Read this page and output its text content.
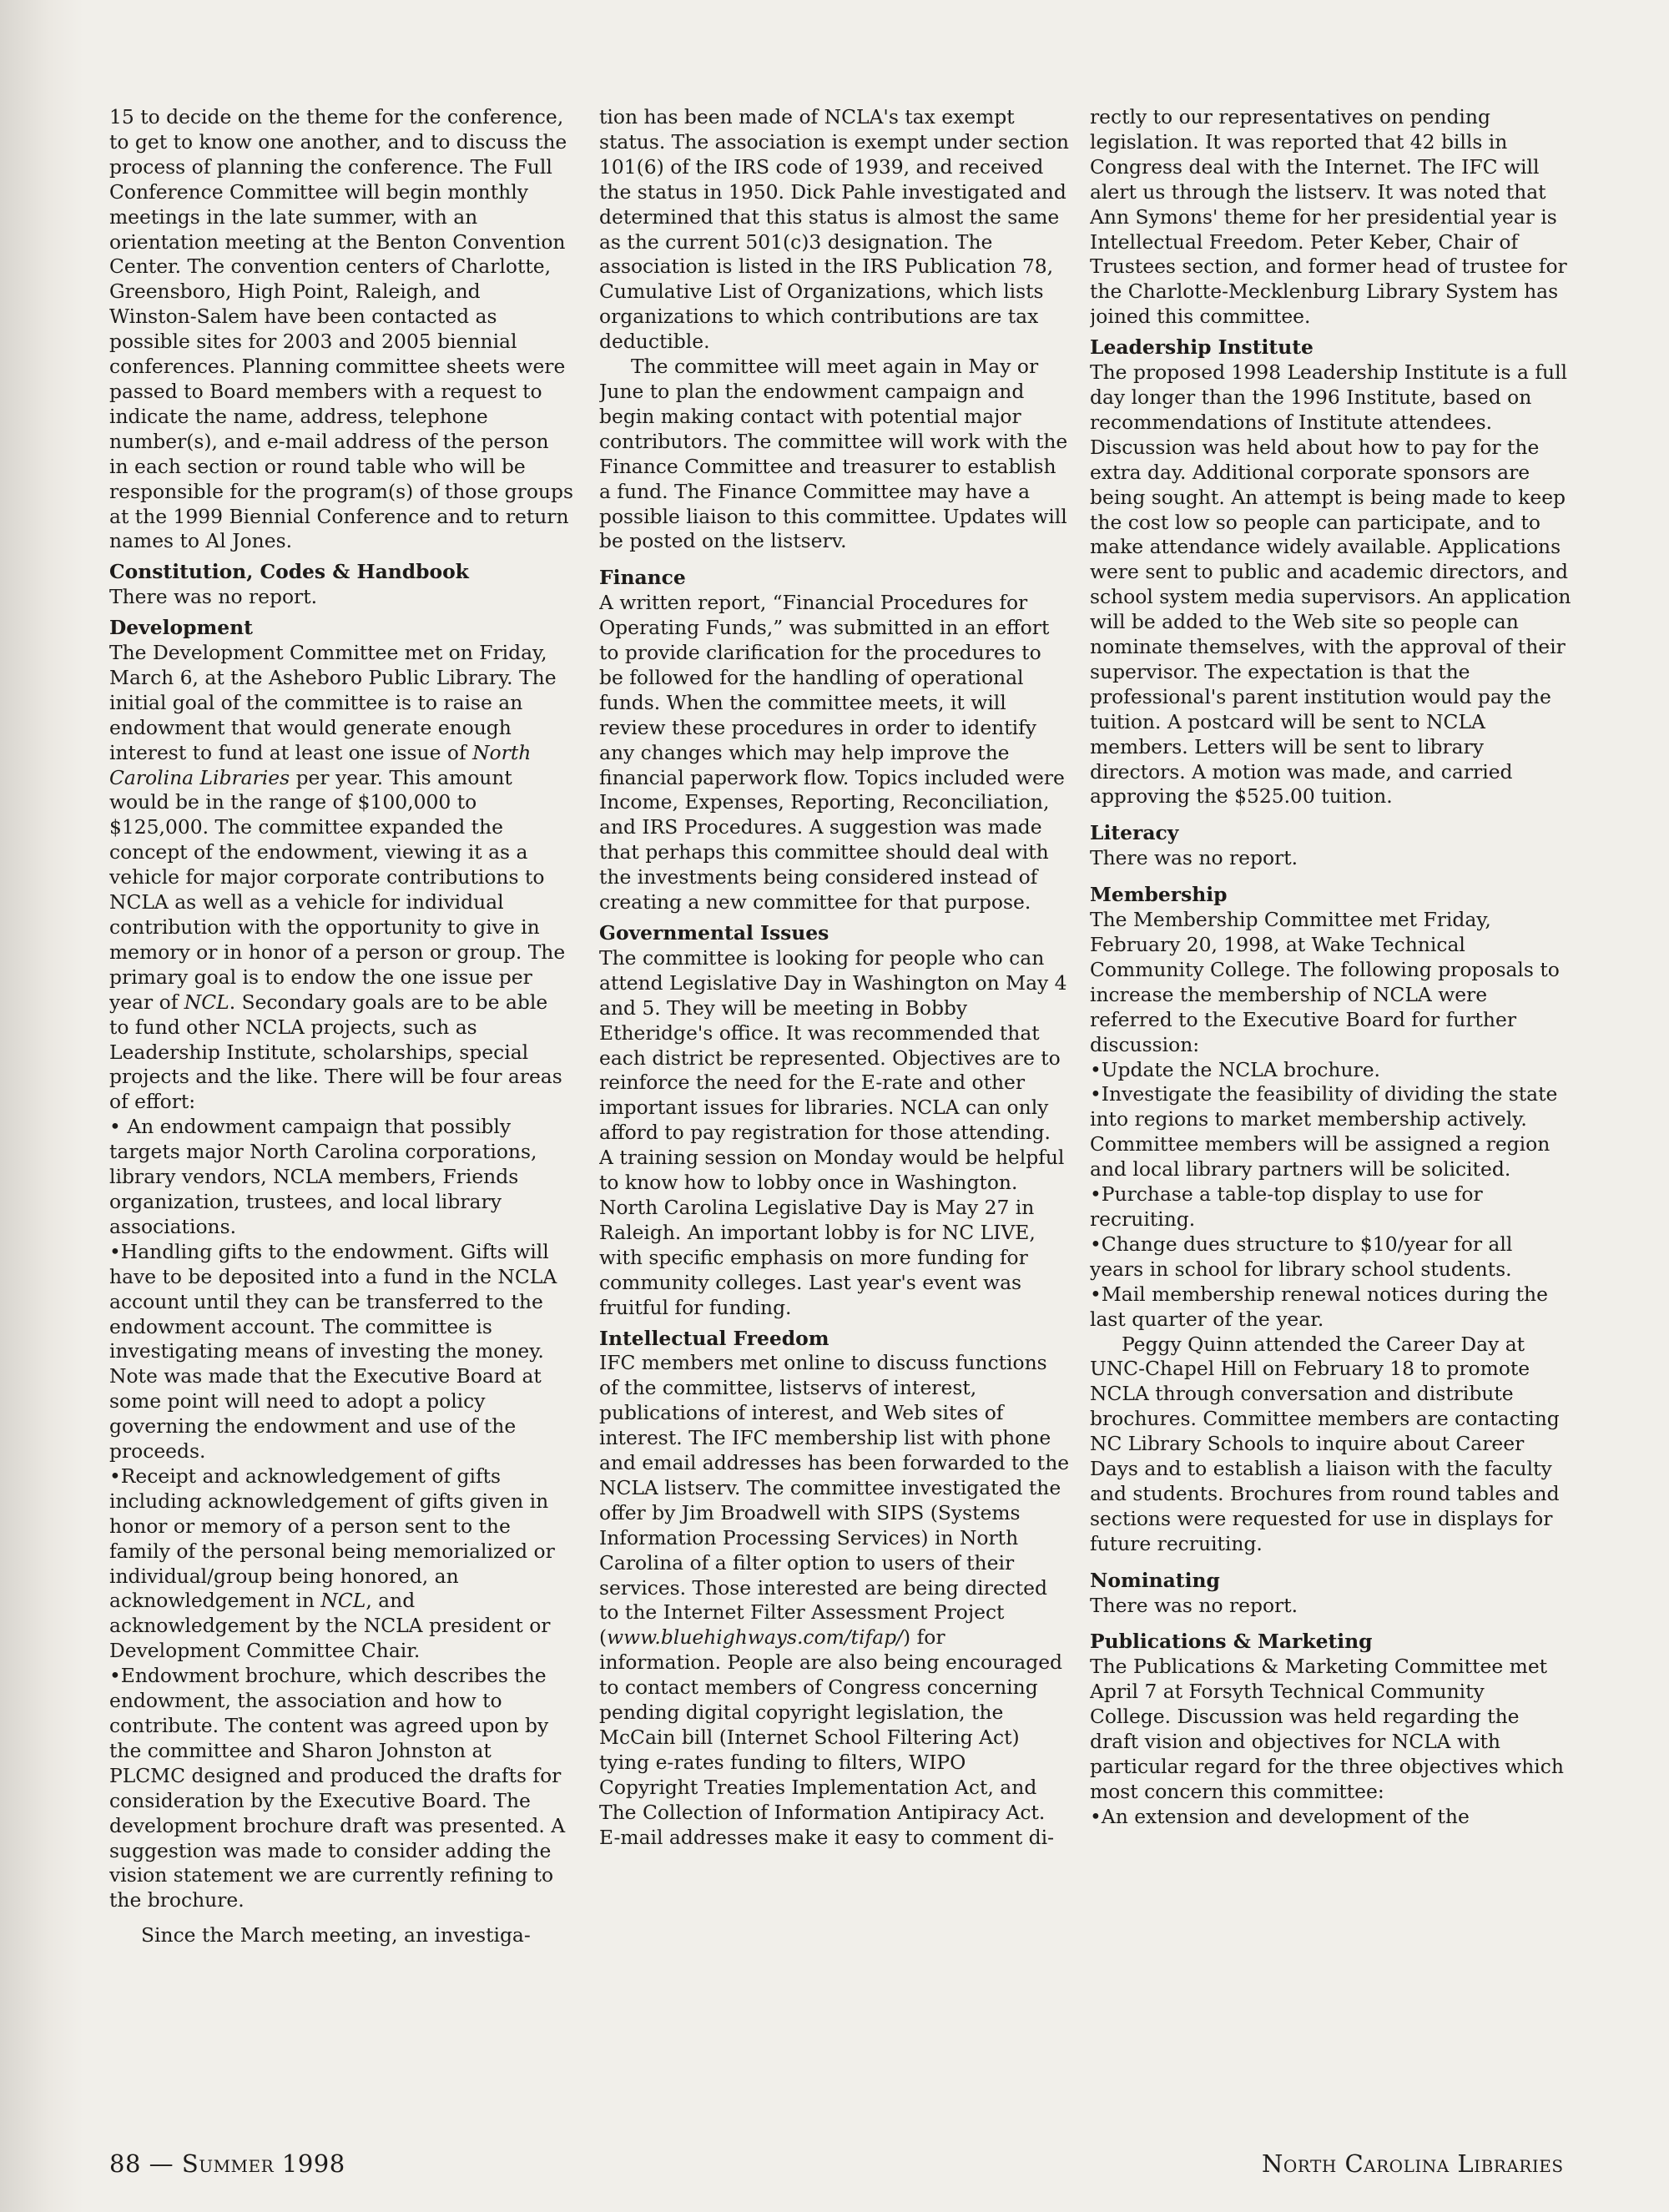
15 to decide on the theme for the conference, to get to know one another, and to discuss the process of planning the conference. The Full Conference Committee will begin monthly meetings in the late summer, with an orientation meeting at the Benton Convention Center. The convention centers of Charlotte, Greensboro, High Point, Raleigh, and Winston-Salem have been contacted as possible sites for 2003 and 2005 biennial conferences. Planning committee sheets were passed to Board members with a request to indicate the name, address, telephone number(s), and e-mail address of the person in each section or round table who will be responsible for the program(s) of those groups at the 1999 Biennial Conference and to return names to Al Jones.

Constitution, Codes & Handbook

There was no report.

Development

The Development Committee met on Friday, March 6, at the Asheboro Public Library. The initial goal of the committee is to raise an endowment that would generate enough interest to fund at least one issue of North Carolina Libraries per year. This amount would be in the range of $100,000 to $125,000. The committee expanded the concept of the endowment, viewing it as a vehicle for major corporate contributions to NCLA as well as a vehicle for individual contribution with the opportunity to give in memory or in honor of a person or group. The primary goal is to endow the one issue per year of NCL. Secondary goals are to be able to fund other NCLA projects, such as Leadership Institute, scholarships, special projects and the like. There will be four areas of effort:

• An endowment campaign that possibly targets major North Carolina corporations, library vendors, NCLA members, Friends organization, trustees, and local library associations.

•Handling gifts to the endowment. Gifts will have to be deposited into a fund in the NCLA account until they can be transferred to the endowment account. The committee is investigating means of investing the money. Note was made that the Executive Board at some point will need to adopt a policy governing the endowment and use of the proceeds.

•Receipt and acknowledgement of gifts including acknowledgement of gifts given in honor or memory of a person sent to the family of the personal being memorialized or individual/group being honored, an acknowledgement in NCL, and acknowledgement by the NCLA president or Development Committee Chair.

•Endowment brochure, which describes the endowment, the association and how to contribute. The content was agreed upon by the committee and Sharon Johnston at PLCMC designed and produced the drafts for consideration by the Executive Board. The development brochure draft was presented. A suggestion was made to consider adding the vision statement we are currently refining to the brochure.

Since the March meeting, an investiga-

tion has been made of NCLA's tax exempt status. The association is exempt under section 101(6) of the IRS code of 1939, and received the status in 1950. Dick Pahle investigated and determined that this status is almost the same as the current 501(c)3 designation. The association is listed in the IRS Publication 78, Cumulative List of Organizations, which lists organizations to which contributions are tax deductible.

The committee will meet again in May or June to plan the endowment campaign and begin making contact with potential major contributors. The committee will work with the Finance Committee and treasurer to establish a fund. The Finance Committee may have a possible liaison to this committee. Updates will be posted on the listserv.

Finance

A written report, “Financial Procedures for Operating Funds,” was submitted in an effort to provide clarification for the procedures to be followed for the handling of operational funds. When the committee meets, it will review these procedures in order to identify any changes which may help improve the financial paperwork flow. Topics included were Income, Expenses, Reporting, Reconciliation, and IRS Procedures. A suggestion was made that perhaps this committee should deal with the investments being considered instead of creating a new committee for that purpose.

Governmental Issues

The committee is looking for people who can attend Legislative Day in Washington on May 4 and 5. They will be meeting in Bobby Etheridge's office. It was recommended that each district be represented. Objectives are to reinforce the need for the E-rate and other important issues for libraries. NCLA can only afford to pay registration for those attending. A training session on Monday would be helpful to know how to lobby once in Washington. North Carolina Legislative Day is May 27 in Raleigh. An important lobby is for NC LIVE, with specific emphasis on more funding for community colleges. Last year's event was fruitful for funding.

Intellectual Freedom

IFC members met online to discuss functions of the committee, listservs of interest, publications of interest, and Web sites of interest. The IFC membership list with phone and email addresses has been forwarded to the NCLA listserv. The committee investigated the offer by Jim Broadwell with SIPS (Systems Information Processing Services) in North Carolina of a filter option to users of their services. Those interested are being directed to the Internet Filter Assessment Project (www.bluehighways.com/tifap/) for information. People are also being encouraged to contact members of Congress concerning pending digital copyright legislation, the McCain bill (Internet School Filtering Act) tying e-rates funding to filters, WIPO Copyright Treaties Implementation Act, and The Collection of Information Antipiracy Act. E-mail addresses make it easy to comment di-

rectly to our representatives on pending legislation. It was reported that 42 bills in Congress deal with the Internet. The IFC will alert us through the listserv. It was noted that Ann Symons' theme for her presidential year is Intellectual Freedom. Peter Keber, Chair of Trustees section, and former head of trustee for the Charlotte-Mecklenburg Library System has joined this committee.

Leadership Institute

The proposed 1998 Leadership Institute is a full day longer than the 1996 Institute, based on recommendations of Institute attendees. Discussion was held about how to pay for the extra day. Additional corporate sponsors are being sought. An attempt is being made to keep the cost low so people can participate, and to make attendance widely available. Applications were sent to public and academic directors, and school system media supervisors. An application will be added to the Web site so people can nominate themselves, with the approval of their supervisor. The expectation is that the professional's parent institution would pay the tuition. A postcard will be sent to NCLA members. Letters will be sent to library directors. A motion was made, and carried approving the $525.00 tuition.

Literacy

There was no report.

Membership

The Membership Committee met Friday, February 20, 1998, at Wake Technical Community College. The following proposals to increase the membership of NCLA were referred to the Executive Board for further discussion:

•Update the NCLA brochure.

•Investigate the feasibility of dividing the state into regions to market membership actively. Committee members will be assigned a region and local library partners will be solicited.

•Purchase a table-top display to use for recruiting.

•Change dues structure to $10/year for all years in school for library school students.

•Mail membership renewal notices during the last quarter of the year.

Peggy Quinn attended the Career Day at UNC-Chapel Hill on February 18 to promote NCLA through conversation and distribute brochures. Committee members are contacting NC Library Schools to inquire about Career Days and to establish a liaison with the faculty and students. Brochures from round tables and sections were requested for use in displays for future recruiting.

Nominating

There was no report.

Publications & Marketing

The Publications & Marketing Committee met April 7 at Forsyth Technical Community College. Discussion was held regarding the draft vision and objectives for NCLA with particular regard for the three objectives which most concern this committee:

•An extension and development of the

88 — Summer 1998	North Carolina Libraries
